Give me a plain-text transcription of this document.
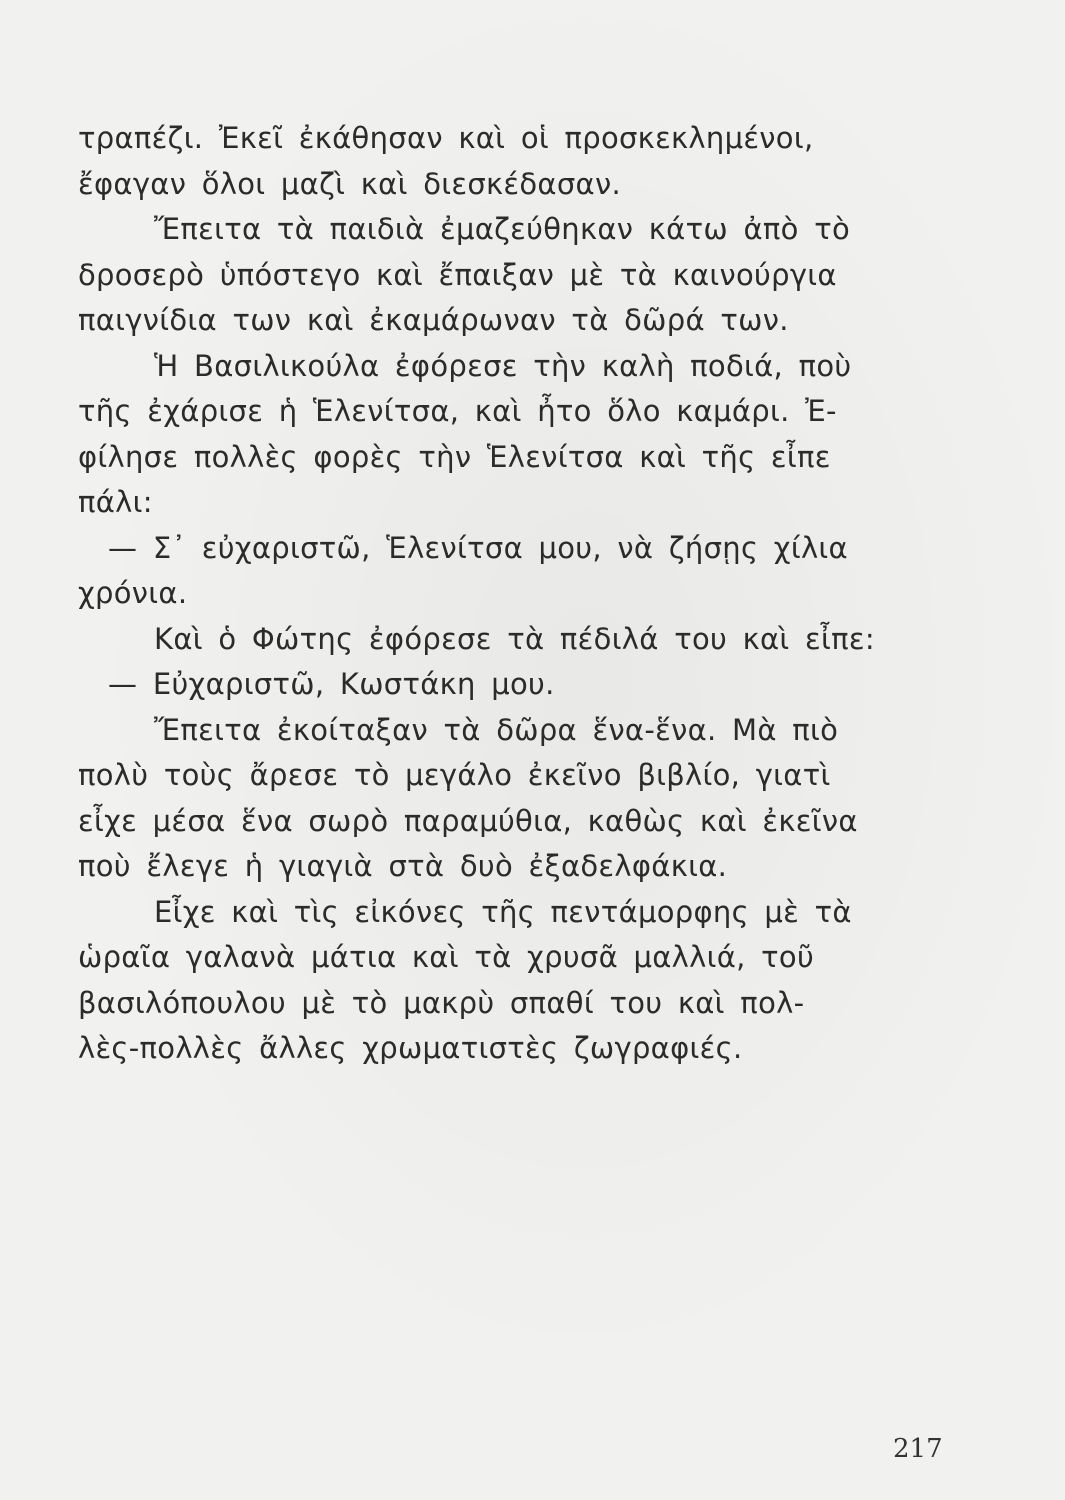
τραπέζι. Ἐκεῖ ἐκάθησαν καὶ οἱ προσκεκλημένοι,
ἔφαγαν ὅλοι μαζὶ καὶ διεσκέδασαν.
Ἔπειτα τὰ παιδιὰ ἐμαζεύθηκαν κάτω ἀπὸ τὸ
δροσερὸ ὑπόστεγο καὶ ἔπαιξαν μὲ τὰ καινούργια
παιγνίδια των καὶ ἐκαμάρωναν τὰ δῶρά των.
Ἡ Βασιλικούλα ἐφόρεσε τὴν καλὴ ποδιά, ποὺ
τῆς ἐχάρισε ἡ Ἑλενίτσα, καὶ ἦτο ὅλο καμάρι. Ἐ-
φίλησε πολλὲς φορὲς τὴν Ἑλενίτσα καὶ τῆς εἶπε
πάλι:
— Σ᾽ εὐχαριστῶ, Ἑλενίτσα μου, νὰ ζήσῃς χίλια
χρόνια.
Καὶ ὁ Φώτης ἐφόρεσε τὰ πέδιλά του καὶ εἶπε:
— Εὐχαριστῶ, Κωστάκη μου.
Ἔπειτα ἐκοίταξαν τὰ δῶρα ἕνα-ἕνα. Μὰ πιὸ
πολὺ τοὺς ἄρεσε τὸ μεγάλο ἐκεῖνο βιβλίο, γιατὶ
εἶχε μέσα ἕνα σωρὸ παραμύθια, καθὼς καὶ ἐκεῖνα
ποὺ ἔλεγε ἡ γιαγιὰ στὰ δυὸ ἐξαδελφάκια.
Εἶχε καὶ τὶς εἰκόνες τῆς πεντάμορφης μὲ τὰ
ὡραῖα γαλανὰ μάτια καὶ τὰ χρυσᾶ μαλλιά, τοῦ
βασιλόπουλου μὲ τὸ μακρὺ σπαθί του καὶ πολ-
λὲς-πολλὲς ἄλλες χρωματιστὲς ζωγραφιές.
217
